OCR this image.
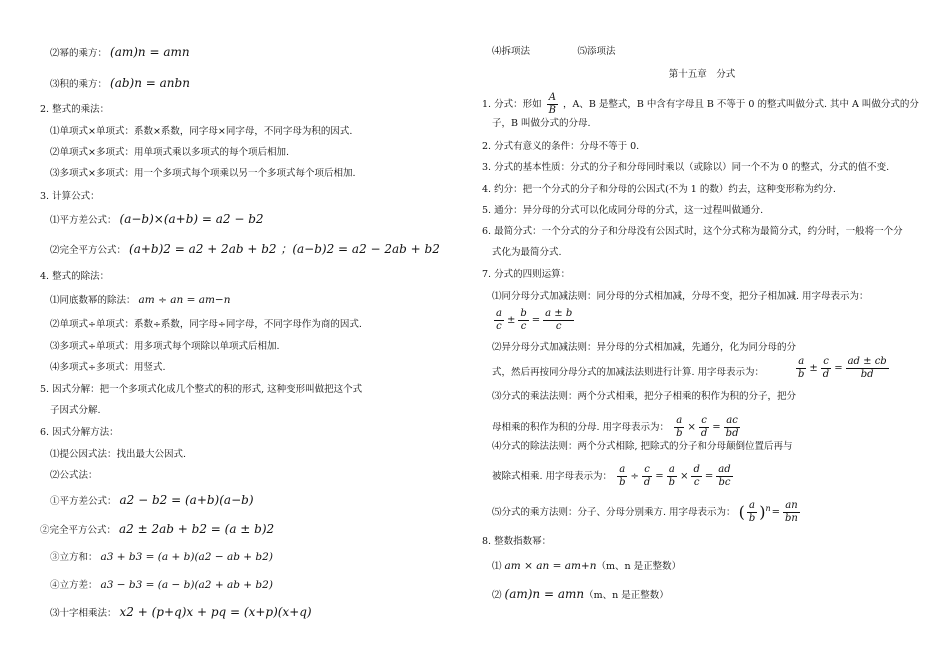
⑵幂的乘方： (am)n = amn
⑶积的乘方： (ab)n = anbn
2. 整式的乘法：
⑴单项式×单项式：系数×系数，同字母×同字母，不同字母为积的因式.
⑵单项式×多项式：用单项式乘以多项式的每个项后相加.
⑶多项式×多项式：用一个多项式每个项乘以另一个多项式每个项后相加.
3. 计算公式：
⑴平方差公式： (a−b)×(a+b) = a2 − b2
⑵完全平方公式： (a+b)2 = a2 + 2ab + b2 ；(a−b)2 = a2 − 2ab + b2
4. 整式的除法：
⑴同底数幂的除法： am ÷ an = am−n
⑵单项式÷单项式：系数÷系数，同字母÷同字母，不同字母作为商的因式.
⑶多项式÷单项式：用多项式每个项除以单项式后相加.
⑷多项式÷多项式：用竖式.
5. 因式分解：把一个多项式化成几个整式的积的形式, 这种变形叫做把这个式
子因式分解.
6. 因式分解方法：
⑴提公因式法：找出最大公因式.
⑵公式法：
①平方差公式： a2 − b2 = (a+b)(a−b)
②完全平方公式： a2 ± 2ab + b2 = (a ± b)2
③立方和： a3 + b3 = (a + b)(a2 − ab + b2)
④立方差： a3 − b3 = (a − b)(a2 + ab + b2)
⑶十字相乘法： x2 + (p+q)x + pq = (x+p)(x+q)
⑷拆项法　　　　　⑸添项法
第十五章　分式
1. 分式：形如 $\frac{A}{B}$ ，A、B 是整式，B 中含有字母且 B 不等于 0 的整式叫做分式. 其中 A 叫做分式的分
子，B 叫做分式的分母.
2. 分式有意义的条件：分母不等于 0.
3. 分式的基本性质：分式的分子和分母同时乘以（或除以）同一个不为 0 的整式，分式的值不变.
4. 约分：把一个分式的分子和分母的公因式(不为 1 的数）约去，这种变形称为约分.
5. 通分：异分母的分式可以化成同分母的分式，这一过程叫做通分.
6. 最简分式：一个分式的分子和分母没有公因式时，这个分式称为最简分式，约分时，一般将一个分
式化为最简分式.
7. 分式的四则运算：
⑴同分母分式加减法则：同分母的分式相加减，分母不变，把分子相加减. 用字母表示为：
$\frac{a}{c} \pm \frac{b}{c} = \frac{a \pm b}{c}$
⑵异分母分式加减法则：异分母的分式相加减，先通分，化为同分母的分
式，然后再按同分母分式的加减法法则进行计算. 用字母表示为：	$\frac{a}{b} \pm \frac{c}{d} = \frac{ad \pm cb}{bd}$
⑶分式的乘法法则：两个分式相乘，把分子相乘的积作为积的分子，把分
母相乘的积作为积的分母. 用字母表示为： $\frac{a}{b} \times \frac{c}{d} = \frac{ac}{bd}$
⑷分式的除法法则：两个分式相除, 把除式的分子和分母颠倒位置后再与
被除式相乘. 用字母表示为： $\frac{a}{b} \div \frac{c}{d} = \frac{a}{b} \times \frac{d}{c} = \frac{ad}{bc}$
⑸分式的乘方法则：分子、分母分别乘方. 用字母表示为： ( $\frac{a}{b} )^n= \frac{an}{bn}$
8. 整数指数幂：
⑴ am × an = am+n（m、n 是正整数）
⑵ (am)n = amn（m、n 是正整数）
